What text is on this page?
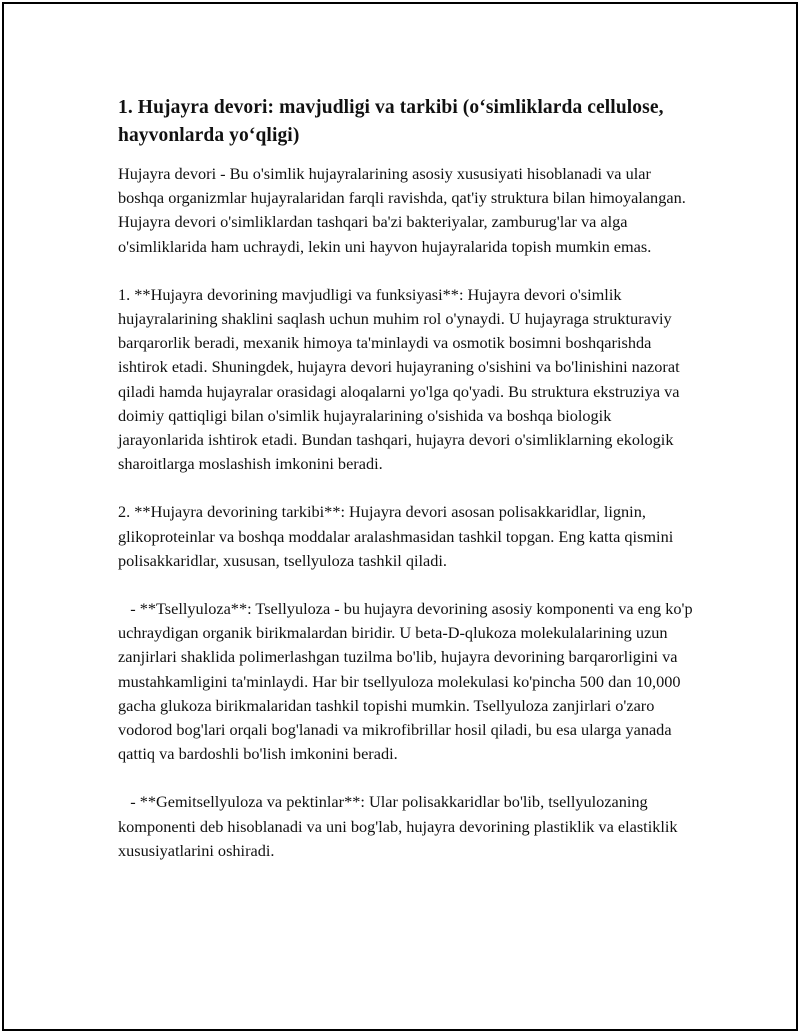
1. Hujayra devori: mavjudligi va tarkibi (o‘simliklarda cellulose, hayvonlarda yo‘qligi)

Hujayra devori - Bu o'simlik hujayralarining asosiy xususiyati hisoblanadi va ular boshqa organizmlar hujayralaridan farqli ravishda, qat'iy struktura bilan himoyalangan. Hujayra devori o'simliklardan tashqari ba'zi bakteriyalar, zamburug'lar va alga o'simliklarida ham uchraydi, lekin uni hayvon hujayralarida topish mumkin emas.

1. **Hujayra devorining mavjudligi va funksiyasi**: Hujayra devori o'simlik hujayralarining shaklini saqlash uchun muhim rol o'ynaydi. U hujayraga strukturaviy barqarorlik beradi, mexanik himoya ta'minlaydi va osmotik bosimni boshqarishda ishtirok etadi. Shuningdek, hujayra devori hujayraning o'sishini va bo'linishini nazorat qiladi hamda hujayralar orasidagi aloqalarni yo'lga qo'yadi. Bu struktura ekstruziya va doimiy qattiqligi bilan o'simlik hujayralarining o'sishida va boshqa biologik jarayonlarida ishtirok etadi. Bundan tashqari, hujayra devori o'simliklarning ekologik sharoitlarga moslashish imkonini beradi.

2. **Hujayra devorining tarkibi**: Hujayra devori asosan polisakkaridlar, lignin, glikoproteinlar va boshqa moddalar aralashmasidan tashkil topgan. Eng katta qismini polisakkaridlar, xususan, tsellyuloza tashkil qiladi.

- **Tsellyuloza**: Tsellyuloza - bu hujayra devorining asosiy komponenti va eng ko'p uchraydigan organik birikmalardan biridir. U beta-D-qlukoza molekulalarining uzun zanjirlari shaklida polimerlashgan tuzilma bo'lib, hujayra devorining barqarorligini va mustahkamligini ta'minlaydi. Har bir tsellyuloza molekulasi ko'pincha 500 dan 10,000 gacha glukoza birikmalaridan tashkil topishi mumkin. Tsellyuloza zanjirlari o'zaro vodorod bog'lari orqali bog'lanadi va mikrofibrillar hosil qiladi, bu esa ularga yanada qattiq va bardoshli bo'lish imkonini beradi.

- **Gemitsellyuloza va pektinlar**: Ular polisakkaridlar bo'lib, tsellyulozaning komponenti deb hisoblanadi va uni bog'lab, hujayra devorining plastiklik va elastiklik xususiyatlarini oshiradi.
